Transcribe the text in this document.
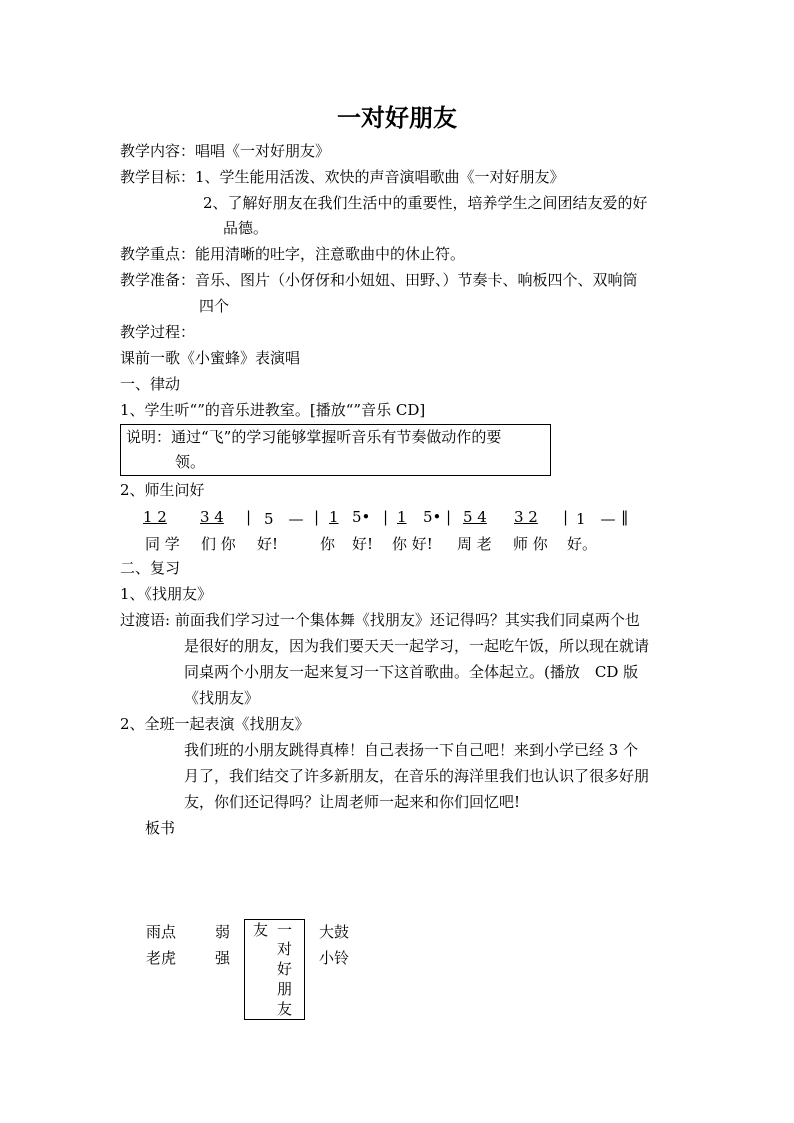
一对好朋友
教学内容：唱唱《一对好朋友》
教学目标：1、学生能用活泼、欢快的声音演唱歌曲《一对好朋友》
2、了解好朋友在我们生活中的重要性，培养学生之间团结友爱的好
品德。
教学重点：能用清晰的吐字，注意歌曲中的休止符。
教学准备：音乐、图片（小伢伢和小妞妞、田野、）节奏卡、响板四个、双响筒
四个
教学过程：
课前一歌《小蜜蜂》表演唱
一、律动
1、学生听“”的音乐进教室。[播放“”音乐 CD]
说明：通过“飞”的学习能够掌握听音乐有节奏做动作的要
领。
2、师生问好
1 2 3 4 | 5　— | 1 5• | 1 5• | 5 4 3 2 | 1　— ‖
同 学 们 你 好!	你 好! 你 好! 周 老 师 你 好。
二、复习
1、《找朋友》
过渡语: 前面我们学习过一个集体舞《找朋友》还记得吗？其实我们同桌两个也
是很好的朋友，因为我们要天天一起学习，一起吃午饭，所以现在就请
同桌两个小朋友一起来复习一下这首歌曲。全体起立。(播放　CD 版
《找朋友》
2、全班一起表演《找朋友》
我们班的小朋友跳得真棒！自己表扬一下自己吧！来到小学已经 3 个
月了，我们结交了许多新朋友，在音乐的海洋里我们也认识了很多好朋
友，你们还记得吗？让周老师一起来和你们回忆吧!
板书
雨点
老虎
弱
强
友 一
对
好
朋
友
大鼓
小铃
